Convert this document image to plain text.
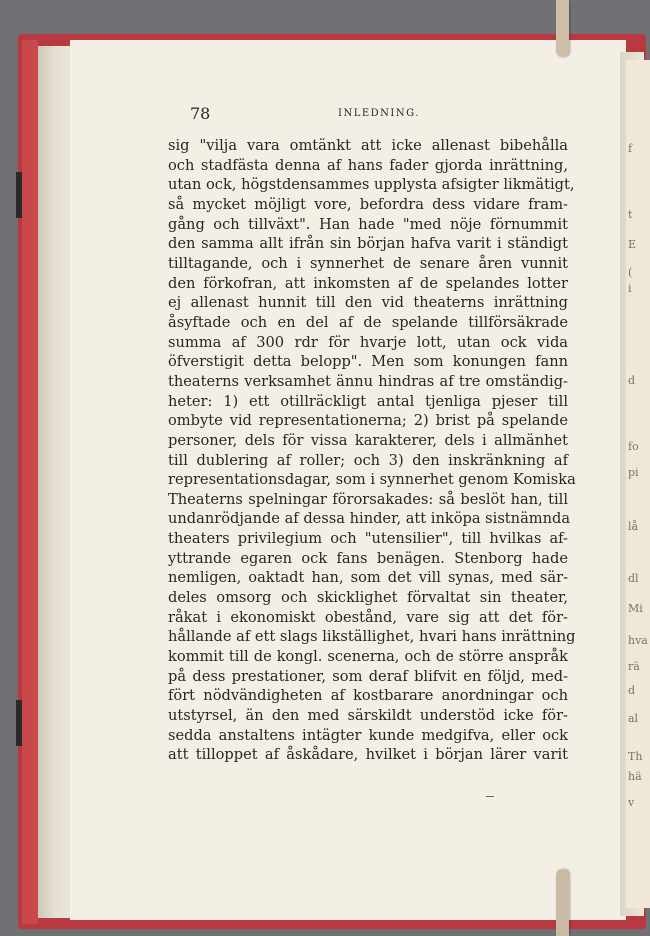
f
t
E
(
i
d
fo
pi
lå
dl
Mi
hva
rä
d
al
Th
hä
v
78	INLEDNING.
sig "vilja vara omtänkt att icke allenast bibehålla
och stadfästa denna af hans fader gjorda inrättning,
utan ock, högstdensammes upplysta afsigter likmätigt,
så mycket möjligt vore, befordra dess vidare fram-
gång och tillväxt". Han hade "med nöje förnummit
den samma allt ifrån sin början hafva varit i ständigt
tilltagande, och i synnerhet de senare åren vunnit
den förkofran, att inkomsten af de spelandes lotter
ej allenast hunnit till den vid theaterns inrättning
åsyftade och en del af de spelande tillförsäkrade
summa af 300 rdr för hvarje lott, utan ock vida
öfverstigit detta belopp". Men som konungen fann
theaterns verksamhet ännu hindras af tre omständig-
heter: 1) ett otillräckligt antal tjenliga pjeser till
ombyte vid representationerna; 2) brist på spelande
personer, dels för vissa karakterer, dels i allmänhet
till dublering af roller; och 3) den inskränkning af
representationsdagar, som i synnerhet genom Komiska
Theaterns spelningar förorsakades: så beslöt han, till
undanrödjande af dessa hinder, att inköpa sistnämnda
theaters privilegium och "utensilier", till hvilkas af-
yttrande egaren ock fans benägen. Stenborg hade
nemligen, oaktadt han, som det vill synas, med sär-
deles omsorg och skicklighet förvaltat sin theater,
råkat i ekonomiskt obestånd, vare sig att det för-
hållande af ett slags likställighet, hvari hans inrättning
kommit till de kongl. scenerna, och de större anspråk
på dess prestationer, som deraf blifvit en följd, med-
fört nödvändigheten af kostbarare anordningar och
utstyrsel, än den med särskildt understöd icke för-
sedda anstaltens intägter kunde medgifva, eller ock
att tilloppet af åskådare, hvilket i början lärer varit
